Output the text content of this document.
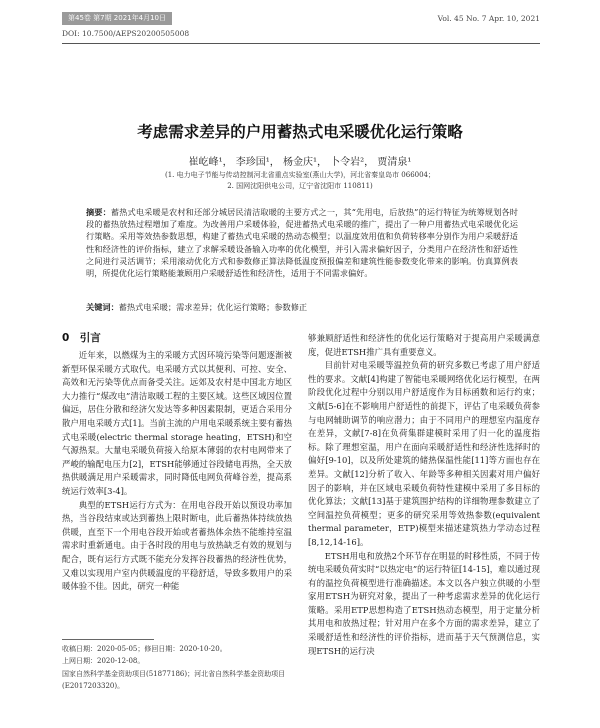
第45卷 第7期 2021年4月10日	Vol. 45 No. 7 Apr. 10, 2021
DOI: 10.7500/AEPS20200505008
考虑需求差异的户用蓄热式电采暖优化运行策略
崔屹峰¹， 李珍国¹， 杨金庆¹， 卜令岩²， 贾清泉¹
(1. 电力电子节能与传动控制河北省重点实验室(燕山大学)，河北省秦皇岛市 066004；
2. 国网沈阳供电公司，辽宁省沈阳市 110811)
摘要：蓄热式电采暖是农村和还部分城居民清洁取暖的主要方式之一，其“先用电，后放热”的运行特征为统筹规划各时段的蓄热放热过程增加了难度。为改善用户采暖体验，促进蓄热式电采暖的推广，提出了一种户用蓄热式电采暖优化运行策略。采用等效热参数思想，构建了蓄热式电采暖的热动态模型；以温度效用值和负荷转移率分别作为用户采暖舒适性和经济性的评价指标，建立了求解采暖设备输入功率的优化模型，并引入需求偏好因子，分类用户在经济性和舒适性之间进行灵活调节；采用滚动优化方式和参数修正算法降低温度预报偏差和建筑性能参数变化带来的影响。仿真算例表明，所提优化运行策略能兼顾用户采暖舒适性和经济性，适用于不同需求偏好。
关键词：蓄热式电采暖；需求差异；优化运行策略；参数修正
0　引言

近年来，以燃煤为主的采暖方式因环境污染等问题逐渐被新型环保采暖方式取代。电采暖方式以其便利、可控、安全、高效和无污染等优点而备受关注。远郊及农村是中国北方地区大力推行“煤改电”清洁取暖工程的主要区域。这些区域因位置偏远，居住分散和经济欠发达等多种因素限制，更适合采用分散户用电采暖方式[1]。当前主流的户用电采暖系统主要有蓄热式电采暖(electric thermal storage heating，ETSH)和空气源热泵。大量电采暖负荷接入给原本薄弱的农村电网带来了严峻的输配电压力[2]，ETSH能够通过谷段储电再热，全天放热供暖满足用户采暖需求，同时降低电网负荷峰谷差，提高系统运行效率[3-4]。

典型的ETSH运行方式为：在用电谷段开始以预设功率加热，当谷段结束或达到蓄热上限时断电，此后蓄热体持续放热供暖，直至下一个用电谷段开始或者蓄热体余热不能维持室温需求时重新通电。由于各时段的用电与放热缺乏有效的规划与配合，既有运行方式既不能充分发挥谷段蓄热的经济性优势，又难以实现用户室内供暖温度的平稳舒适，导致多数用户的采暖体验不佳。因此，研究一种能

够兼顾舒适性和经济性的优化运行策略对于提高用户采暖满意度，促进ETSH推广具有重要意义。

目前针对电采暖等温控负荷的研究多数已考虑了用户舒适性的要求。文献[4]构建了智能电采暖网络优化运行模型，在两阶段优化过程中分别以用户舒适度作为目标函数和运行约束；文献[5-6]在不影响用户舒适性的前提下，评估了电采暖负荷参与电网辅助调节的响应潜力；由于不同用户的理想室内温度存在差异，文献[7-8]在负荷集群建模时采用了归一化的温度指标。除了理想室温，用户在面向采暖舒适性和经济性选择时的偏好[9-10]，以及所处建筑的储热保温性能[11]等方面也存在差异。文献[12]分析了收入、年龄等多种相关因素对用户偏好因子的影响，并在区域电采暖负荷特性建模中采用了多目标的优化算法；文献[13]基于建筑围护结构的详细物理参数建立了空间温控负荷模型；更多的研究采用等效热参数(equivalent thermal parameter，ETP)模型来描述建筑热力学动态过程[8,12,14-16]。

ETSH用电和放热2个环节存在明显的时移性质，不同于传统电采暖负荷实时“以热定电”的运行特征[14-15]，难以通过现有的温控负荷模型进行准确描述。本文以各户独立供暖的小型家用ETSH为研究对象，提出了一种考虑需求差异的优化运行策略。采用ETP思想构造了ETSH热动态模型，用于定量分析其用电和放热过程；针对用户在多个方面的需求差异，建立了采暖舒适性和经济性的评价指标，进而基于天气预测信息，实现ETSH的运行决

收稿日期：2020-05-05；修回日期：2020-10-20。
上网日期：2020-12-08。
国家自然科学基金资助项目(51877186)；河北省自然科学基金资助项目(E2017203320)。
